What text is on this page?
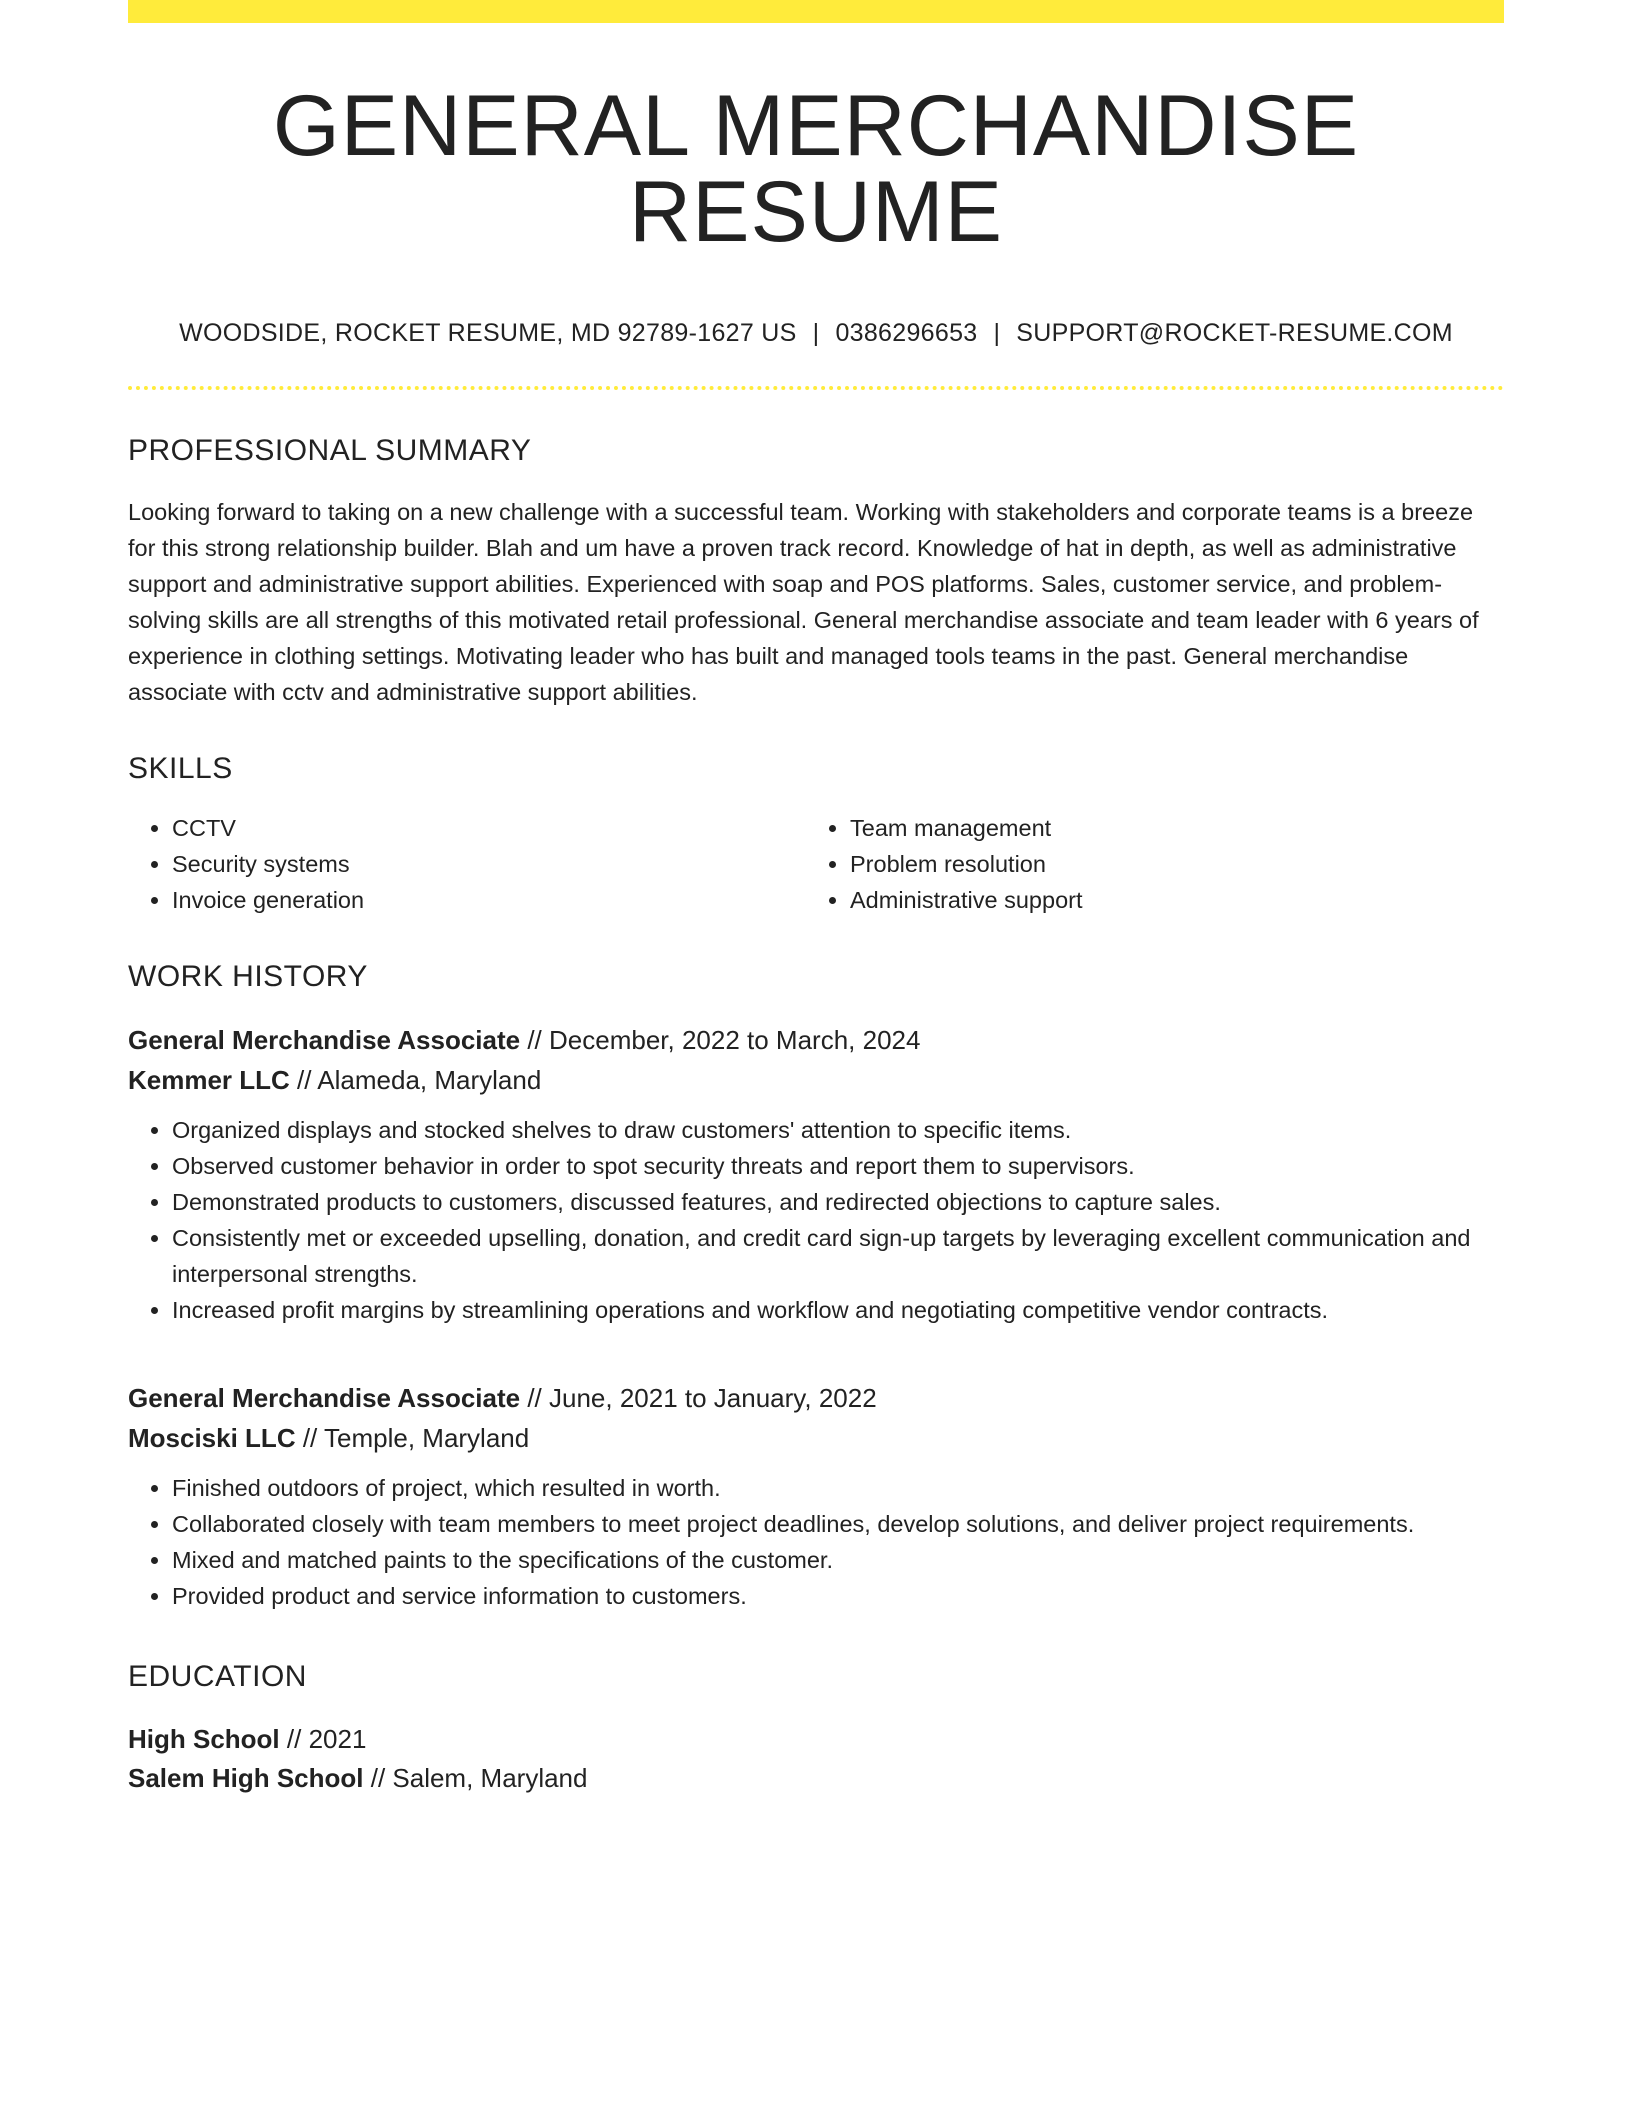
GENERAL MERCHANDISE RESUME
WOODSIDE, ROCKET RESUME, MD 92789-1627 US | 0386296653 | SUPPORT@ROCKET-RESUME.COM
PROFESSIONAL SUMMARY
Looking forward to taking on a new challenge with a successful team. Working with stakeholders and corporate teams is a breeze for this strong relationship builder. Blah and um have a proven track record. Knowledge of hat in depth, as well as administrative support and administrative support abilities. Experienced with soap and POS platforms. Sales, customer service, and problem-solving skills are all strengths of this motivated retail professional. General merchandise associate and team leader with 6 years of experience in clothing settings. Motivating leader who has built and managed tools teams in the past. General merchandise associate with cctv and administrative support abilities.
SKILLS
• CCTV
• Security systems
• Invoice generation
• Team management
• Problem resolution
• Administrative support
WORK HISTORY
General Merchandise Associate // December, 2022 to March, 2024
Kemmer LLC // Alameda, Maryland
• Organized displays and stocked shelves to draw customers' attention to specific items.
• Observed customer behavior in order to spot security threats and report them to supervisors.
• Demonstrated products to customers, discussed features, and redirected objections to capture sales.
• Consistently met or exceeded upselling, donation, and credit card sign-up targets by leveraging excellent communication and interpersonal strengths.
• Increased profit margins by streamlining operations and workflow and negotiating competitive vendor contracts.
General Merchandise Associate // June, 2021 to January, 2022
Mosciski LLC // Temple, Maryland
• Finished outdoors of project, which resulted in worth.
• Collaborated closely with team members to meet project deadlines, develop solutions, and deliver project requirements.
• Mixed and matched paints to the specifications of the customer.
• Provided product and service information to customers.
EDUCATION
High School // 2021
Salem High School // Salem, Maryland
